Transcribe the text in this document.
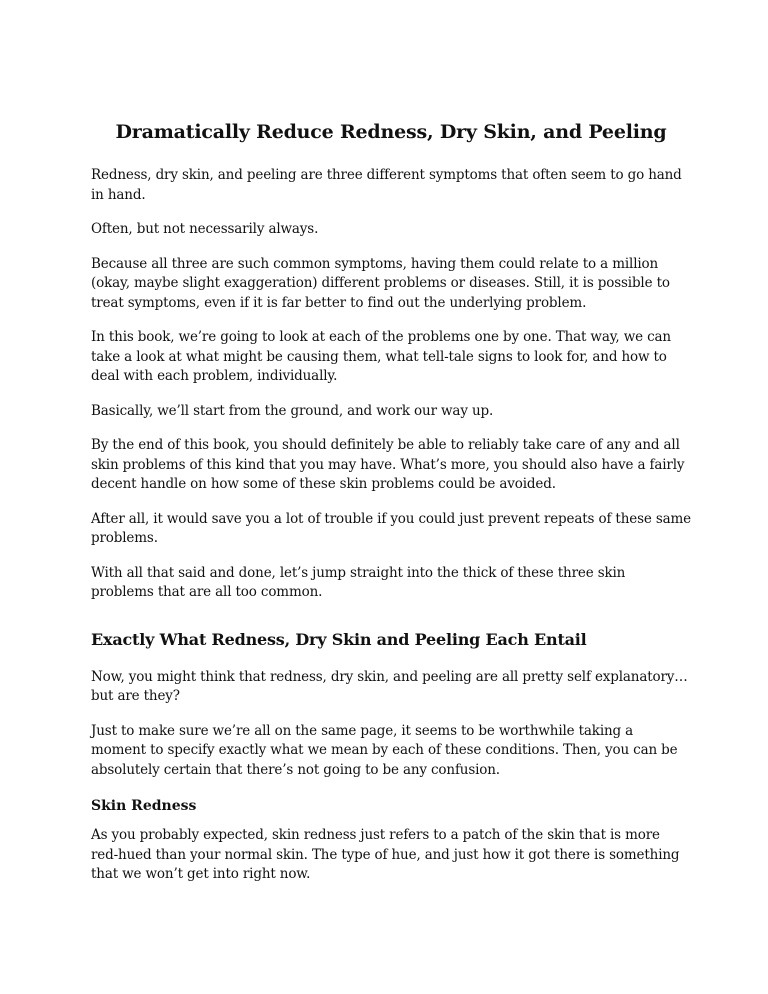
Dramatically Reduce Redness, Dry Skin, and Peeling

Redness, dry skin, and peeling are three different symptoms that often seem to go hand in hand.

Often, but not necessarily always.

Because all three are such common symptoms, having them could relate to a million (okay, maybe slight exaggeration) different problems or diseases. Still, it is possible to treat symptoms, even if it is far better to find out the underlying problem.

In this book, we’re going to look at each of the problems one by one. That way, we can take a look at what might be causing them, what tell-tale signs to look for, and how to deal with each problem, individually.

Basically, we’ll start from the ground, and work our way up.

By the end of this book, you should definitely be able to reliably take care of any and all skin problems of this kind that you may have. What’s more, you should also have a fairly decent handle on how some of these skin problems could be avoided.

After all, it would save you a lot of trouble if you could just prevent repeats of these same problems.

With all that said and done, let’s jump straight into the thick of these three skin problems that are all too common.

Exactly What Redness, Dry Skin and Peeling Each Entail

Now, you might think that redness, dry skin, and peeling are all pretty self explanatory… but are they?

Just to make sure we’re all on the same page, it seems to be worthwhile taking a moment to specify exactly what we mean by each of these conditions. Then, you can be absolutely certain that there’s not going to be any confusion.

Skin Redness

As you probably expected, skin redness just refers to a patch of the skin that is more red-hued than your normal skin. The type of hue, and just how it got there is something that we won’t get into right now.
